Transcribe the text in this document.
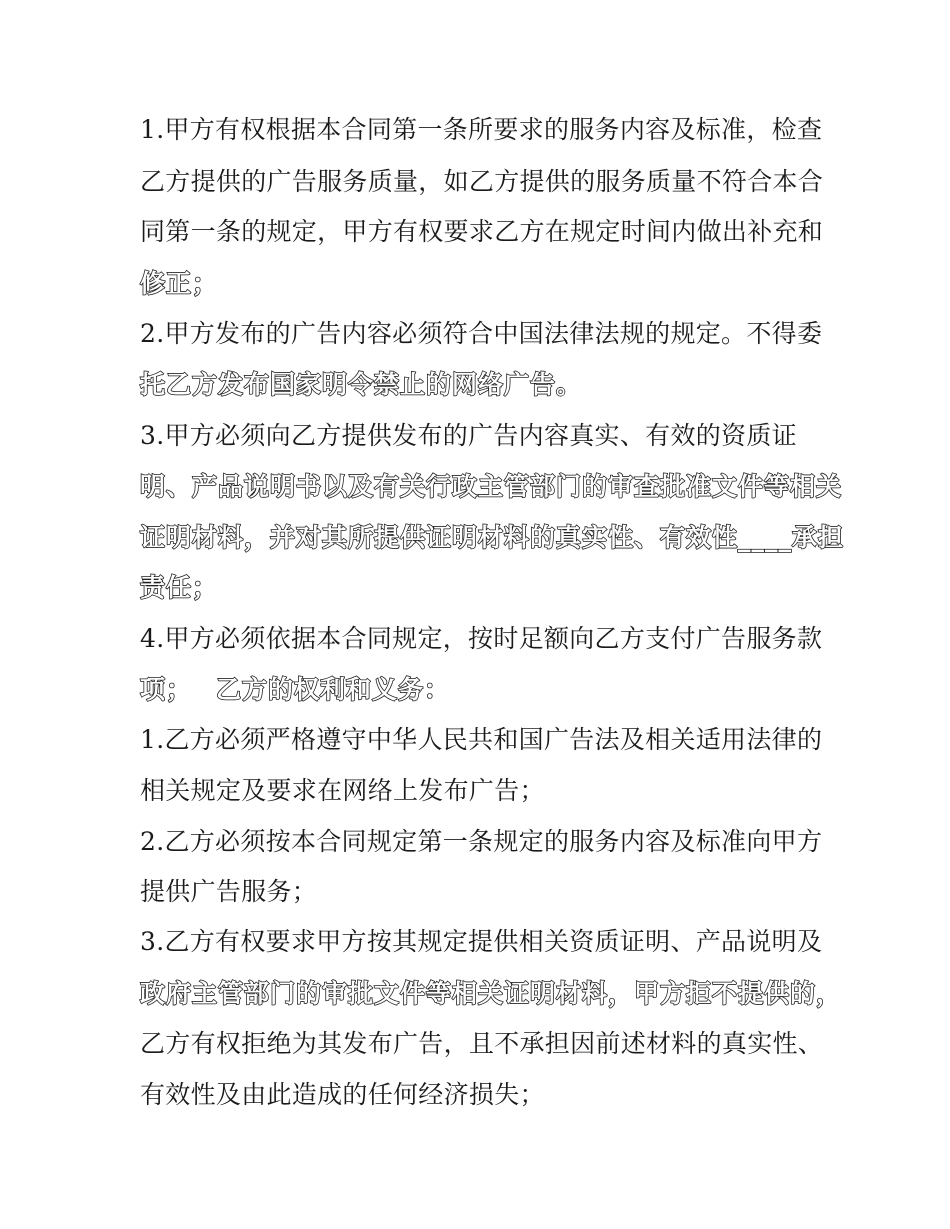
1.甲方有权根据本合同第一条所要求的服务内容及标准，检查
乙方提供的广告服务质量，如乙方提供的服务质量不符合本合
同第一条的规定，甲方有权要求乙方在规定时间内做出补充和
修正；
2.甲方发布的广告内容必须符合中国法律法规的规定。不得委
托乙方发布国家明令禁止的网络广告。
3.甲方必须向乙方提供发布的广告内容真实、有效的资质证
明、产品说明书以及有关行政主管部门的审查批准文件等相关
证明材料，并对其所提供证明材料的真实性、有效性____承担
责任；
4.甲方必须依据本合同规定，按时足额向乙方支付广告服务款
项； 乙方的权利和义务：
1.乙方必须严格遵守中华人民共和国广告法及相关适用法律的
相关规定及要求在网络上发布广告；
2.乙方必须按本合同规定第一条规定的服务内容及标准向甲方
提供广告服务；
3.乙方有权要求甲方按其规定提供相关资质证明、产品说明及
政府主管部门的审批文件等相关证明材料，甲方拒不提供的，
乙方有权拒绝为其发布广告，且不承担因前述材料的真实性、
有效性及由此造成的任何经济损失；
